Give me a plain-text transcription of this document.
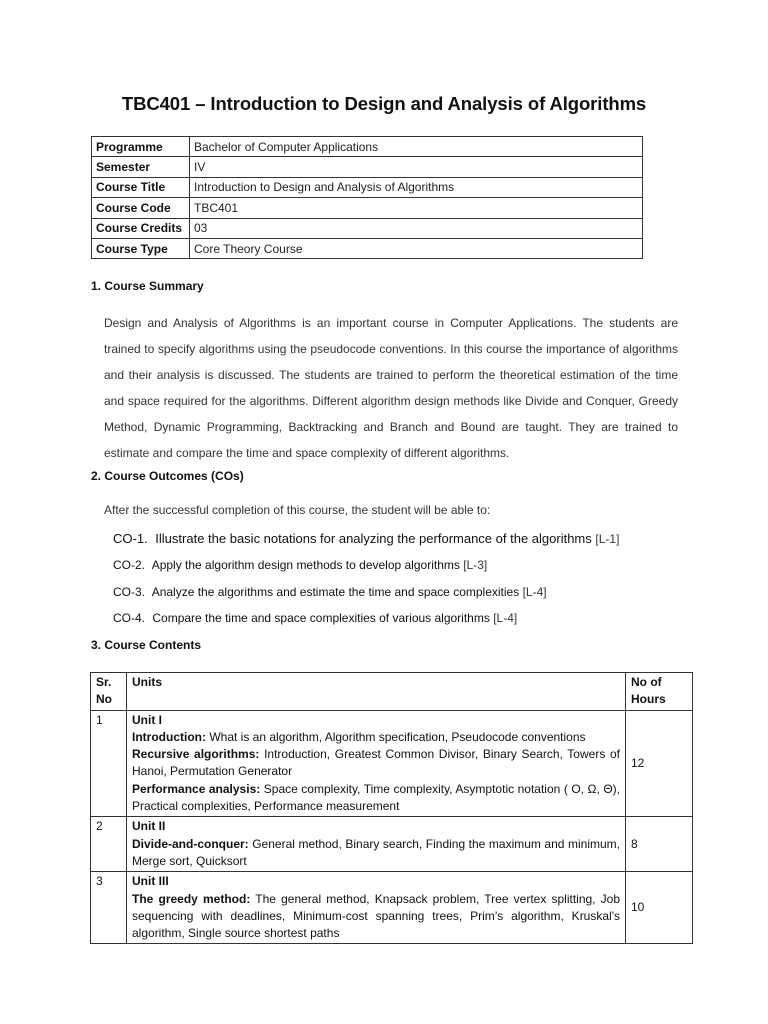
TBC401 – Introduction to Design and Analysis of Algorithms
Programme	Bachelor of Computer Applications
Semester	IV
Course Title	Introduction to Design and Analysis of Algorithms
Course Code	TBC401
Course Credits	03
Course Type	Core Theory Course
1. Course Summary
Design and Analysis of Algorithms is an important course in Computer Applications. The students are trained to specify algorithms using the pseudocode conventions. In this course the importance of algorithms and their analysis is discussed. The students are trained to perform the theoretical estimation of the time and space required for the algorithms. Different algorithm design methods like Divide and Conquer, Greedy Method, Dynamic Programming, Backtracking and Branch and Bound are taught. They are trained to estimate and compare the time and space complexity of different algorithms.
2. Course Outcomes (COs)
After the successful completion of this course, the student will be able to:
CO-1. Illustrate the basic notations for analyzing the performance of the algorithms [L-1]
CO-2. Apply the algorithm design methods to develop algorithms [L-3]
CO-3. Analyze the algorithms and estimate the time and space complexities [L-4]
CO-4. Compare the time and space complexities of various algorithms [L-4]
3. Course Contents
Sr. No	Units	No of Hours
1	Unit I
Introduction: What is an algorithm, Algorithm specification, Pseudocode conventions
Recursive algorithms: Introduction, Greatest Common Divisor, Binary Search, Towers of Hanoi, Permutation Generator
Performance analysis: Space complexity, Time complexity, Asymptotic notation ( O, Ω, Θ), Practical complexities, Performance measurement	12
2	Unit II
Divide-and-conquer: General method, Binary search, Finding the maximum and minimum, Merge sort, Quicksort	8
3	Unit III
The greedy method: The general method, Knapsack problem, Tree vertex splitting, Job sequencing with deadlines, Minimum-cost spanning trees, Prim’s algorithm, Kruskal's algorithm, Single source shortest paths	10
